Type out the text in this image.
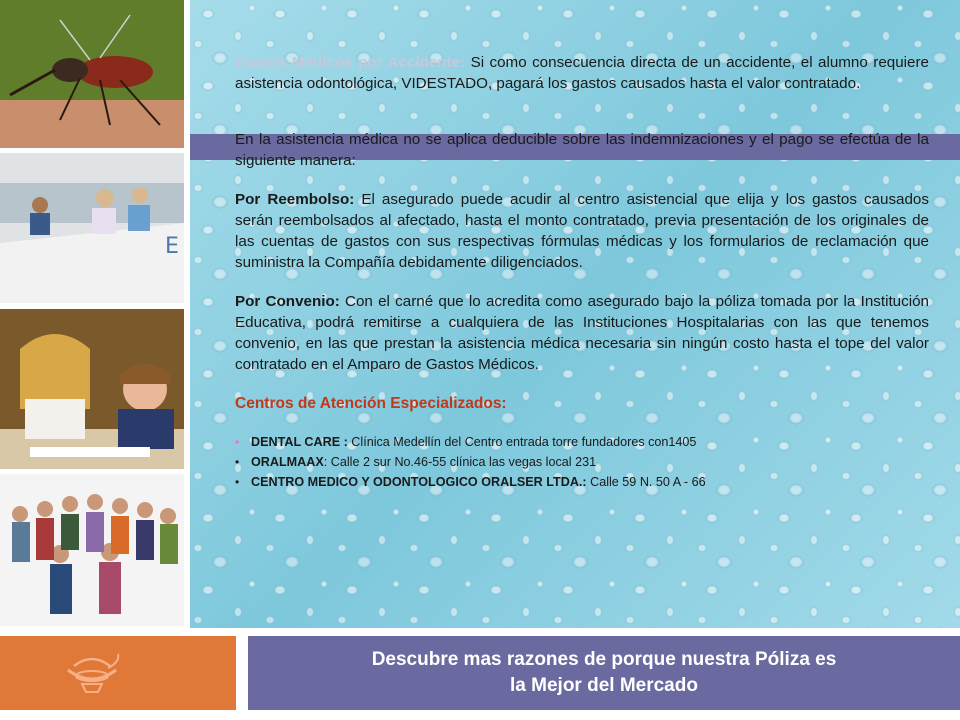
E

Gastos Médicos por Accidente: Si como consecuencia directa de un accidente, el alumno requiere asistencia odontológica, VIDESTADO, pagará los gastos causados hasta el valor contratado.

En la asistencia médica no se aplica deducible sobre las indemnizaciones y el pago se efectúa de la siguiente manera:

Por Reembolso: El asegurado puede acudir al centro asistencial que elija y los gastos causados serán reembolsados al afectado, hasta el monto contratado, previa presentación de los originales de las cuentas de gastos con sus respectivas fórmulas médicas y los formularios de reclamación que suministra la Compañía debidamente diligenciados.

Por Convenio: Con el carné que lo acredita como asegurado bajo la póliza tomada por la Institución Educativa, podrá remitirse a cualquiera de las Instituciones Hospitalarias con las que tenemos convenio, en las que prestan la asistencia médica necesaria sin ningún costo hasta el tope del valor contratado en el Amparo de Gastos Médicos.

Centros de Atención Especializados:
• DENTAL CARE : Clínica Medellín del Centro entrada torre fundadores con1405
• ORALMAAX: Calle 2 sur No.46-55 clínica las vegas local 231
• CENTRO MEDICO Y ODONTOLOGICO ORALSER LTDA.: Calle 59 N. 50 A - 66
Descubre mas razones de porque nuestra Póliza es
la Mejor del Mercado
